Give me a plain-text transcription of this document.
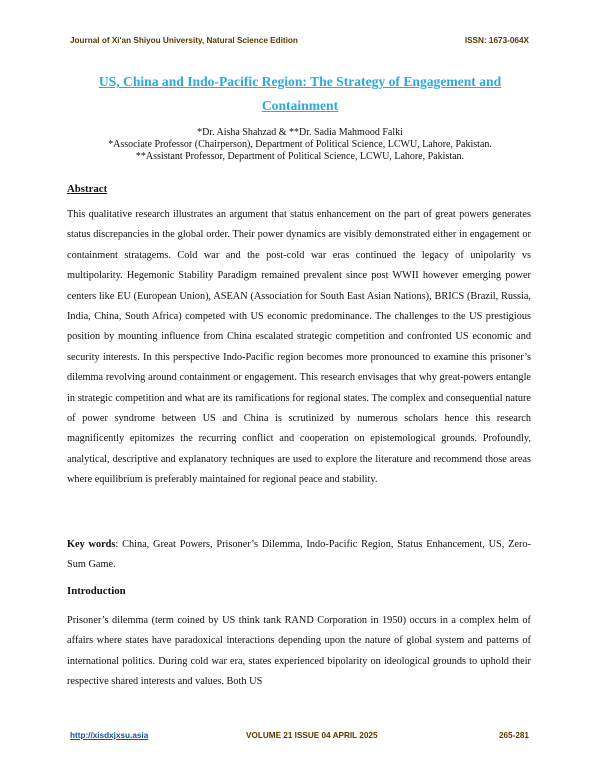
Journal of Xi'an Shiyou University, Natural Science Edition	ISSN: 1673-064X
US, China and Indo-Pacific Region: The Strategy of Engagement and Containment
*Dr. Aisha Shahzad & **Dr. Sadia Mahmood Falki
*Associate Professor (Chairperson), Department of Political Science, LCWU, Lahore, Pakistan.
**Assistant Professor, Department of Political Science, LCWU, Lahore, Pakistan.
Abstract
This qualitative research illustrates an argument that status enhancement on the part of great powers generates status discrepancies in the global order. Their power dynamics are visibly demonstrated either in engagement or containment stratagems. Cold war and the post-cold war eras continued the legacy of unipolarity vs multipolarity. Hegemonic Stability Paradigm remained prevalent since post WWII however emerging power centers like EU (European Union), ASEAN (Association for South East Asian Nations), BRICS (Brazil, Russia, India, China, South Africa) competed with US economic predominance. The challenges to the US prestigious position by mounting influence from China escalated strategic competition and confronted US economic and security interests. In this perspective Indo-Pacific region becomes more pronounced to examine this prisoner’s dilemma revolving around containment or engagement. This research envisages that why great-powers entangle in strategic competition and what are its ramifications for regional states. The complex and consequential nature of power syndrome between US and China is scrutinized by numerous scholars hence this research magnificently epitomizes the recurring conflict and cooperation on epistemological grounds. Profoundly, analytical, descriptive and explanatory techniques are used to explore the literature and recommend those areas where equilibrium is preferably maintained for regional peace and stability.
Key words: China, Great Powers, Prisoner’s Dilemma, Indo-Pacific Region, Status Enhancement, US, Zero-Sum Game.
Introduction
Prisoner’s dilemma (term coined by US think tank RAND Corporation in 1950) occurs in a complex helm of affairs where states have paradoxical interactions depending upon the nature of global system and patterns of international politics. During cold war era, states experienced bipolarity on ideological grounds to uphold their respective shared interests and values. Both US
http://xisdxjxsu.asia	VOLUME 21 ISSUE 04 APRIL 2025	265-281
